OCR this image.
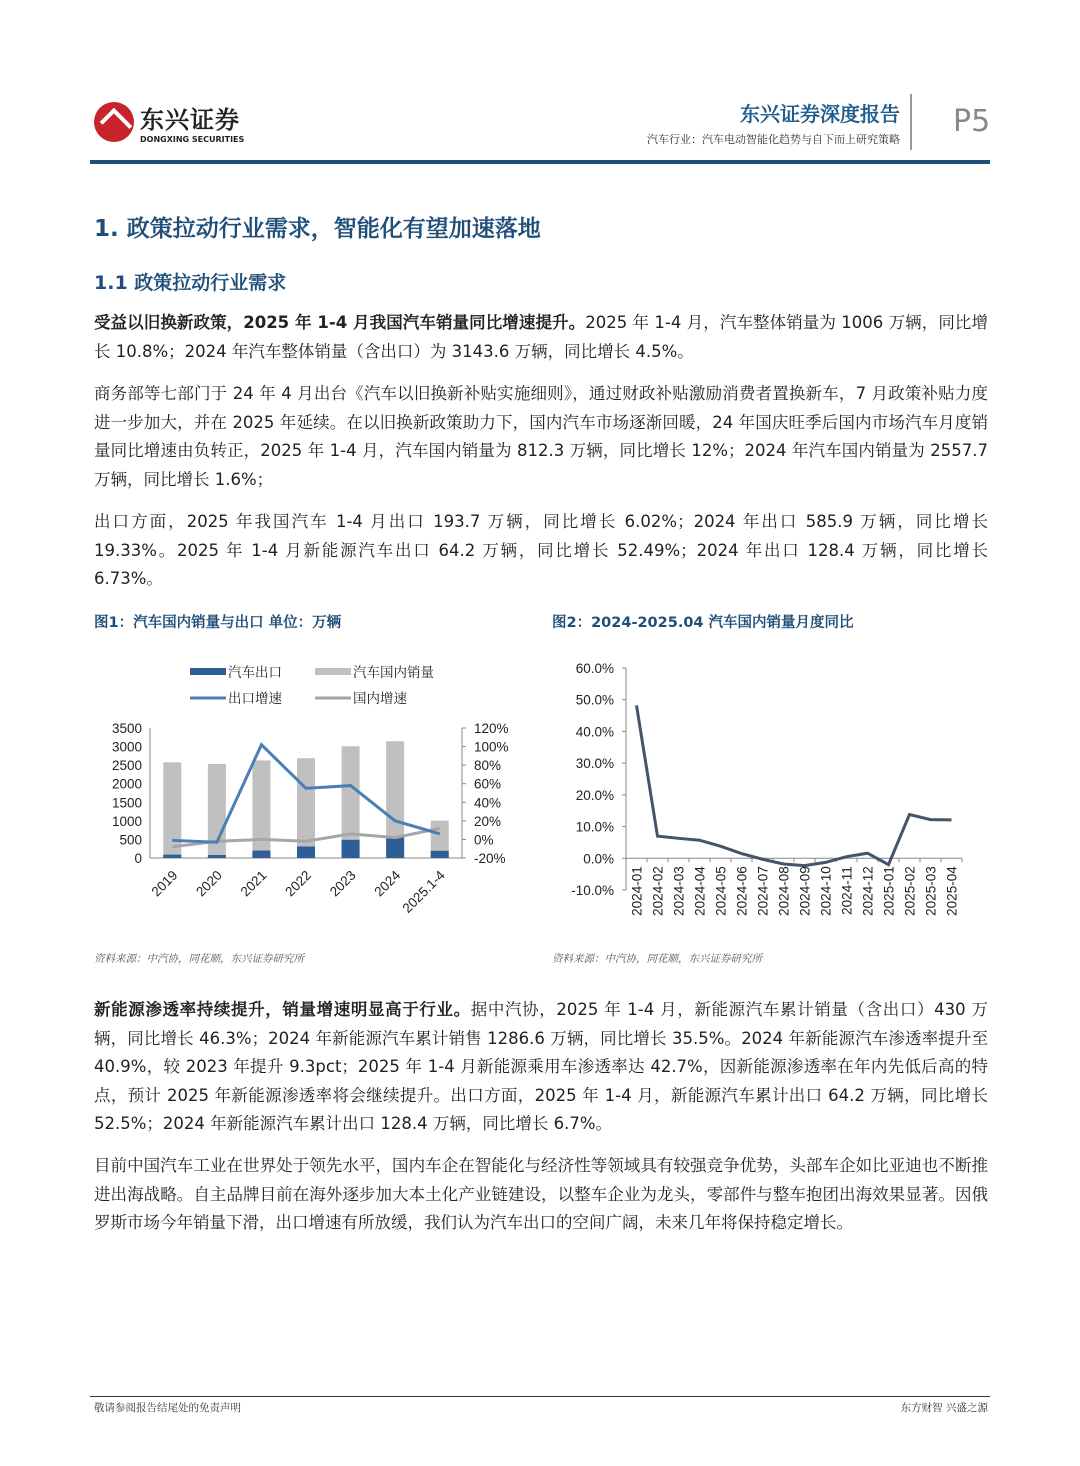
东兴证券
DONGXING SECURITIES
东兴证券深度报告
汽车行业：汽车电动智能化趋势与自下而上研究策略
P5
1. 政策拉动行业需求，智能化有望加速落地
1.1 政策拉动行业需求
受益以旧换新政策，2025 年 1-4 月我国汽车销量同比增速提升。2025 年 1-4 月，汽车整体销量为 1006 万辆，同比增长 10.8%；2024 年汽车整体销量（含出口）为 3143.6 万辆，同比增长 4.5%。
商务部等七部门于 24 年 4 月出台《汽车以旧换新补贴实施细则》，通过财政补贴激励消费者置换新车，7 月政策补贴力度进一步加大，并在 2025 年延续。在以旧换新政策助力下，国内汽车市场逐渐回暖，24 年国庆旺季后国内市场汽车月度销量同比增速由负转正，2025 年 1-4 月，汽车国内销量为 812.3 万辆，同比增长 12%；2024 年汽车国内销量为 2557.7 万辆，同比增长 1.6%；
出口方面，2025 年我国汽车 1-4 月出口 193.7 万辆，同比增长 6.02%；2024 年出口 585.9 万辆，同比增长 19.33%。2025 年 1-4 月新能源汽车出口 64.2 万辆，同比增长 52.49%；2024 年出口 128.4 万辆，同比增长 6.73%。
图1：汽车国内销量与出口 单位：万辆	图2：2024-2025.04 汽车国内销量月度同比
0
500
1000
1500
2000
2500
3000
3500
-20%
0%
20%
40%
60%
80%
100%
120%
2019 2020 2021 2022 2023 2024
2025.1-4
汽车出口	汽车国内销量
出口增速	国内增速
-10.0%
0.0%
10.0%
20.0%
30.0%
40.0%
50.0%
60.0%
2024-01 2024-02 2024-03 2024-04 2024-05 2024-06 2024-07 2024-08 2024-09 2024-10 2024-11 2024-12 2025-01 2025-02 2025-03 2025-04
资料来源：中汽协，同花顺，东兴证券研究所	资料来源：中汽协，同花顺，东兴证券研究所
新能源渗透率持续提升，销量增速明显高于行业。据中汽协，2025 年 1-4 月，新能源汽车累计销量（含出口）430 万辆，同比增长 46.3%；2024 年新能源汽车累计销售 1286.6 万辆，同比增长 35.5%。2024 年新能源汽车渗透率提升至 40.9%，较 2023 年提升 9.3pct；2025 年 1-4 月新能源乘用车渗透率达 42.7%，因新能源渗透率在年内先低后高的特点，预计 2025 年新能源渗透率将会继续提升。出口方面，2025 年 1-4 月，新能源汽车累计出口 64.2 万辆，同比增长 52.5%；2024 年新能源汽车累计出口 128.4 万辆，同比增长 6.7%。
目前中国汽车工业在世界处于领先水平，国内车企在智能化与经济性等领域具有较强竞争优势，头部车企如比亚迪也不断推进出海战略。自主品牌目前在海外逐步加大本土化产业链建设，以整车企业为龙头，零部件与整车抱团出海效果显著。因俄罗斯市场今年销量下滑，出口增速有所放缓，我们认为汽车出口的空间广阔，未来几年将保持稳定增长。
敬请参阅报告结尾处的免责声明	东方财智 兴盛之源
